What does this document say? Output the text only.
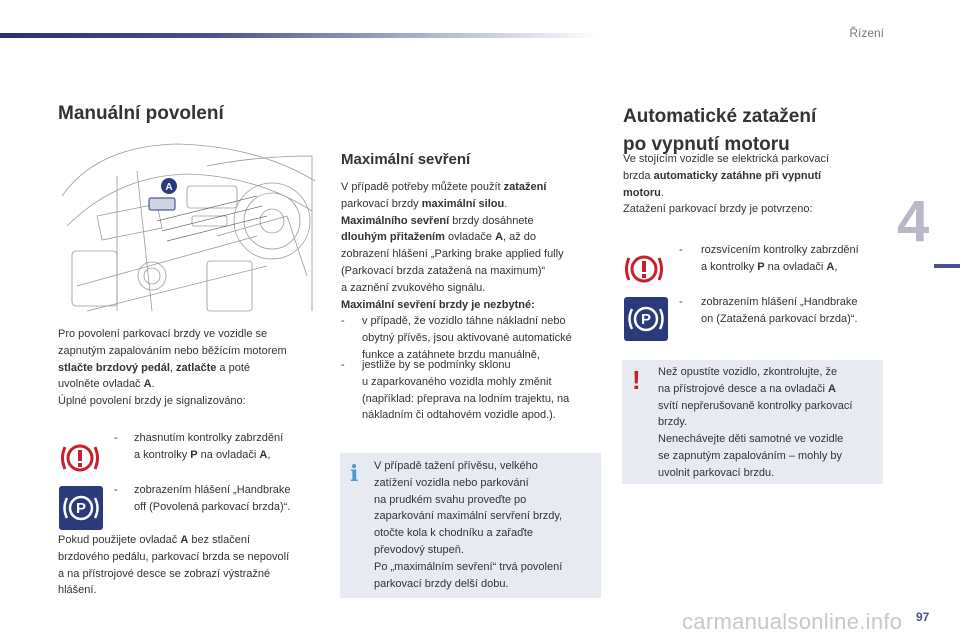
Řízení
4
Manuální povolení
A
Pro povolení parkovací brzdy ve vozidle se
zapnutým zapalováním nebo běžícím motorem
stlačte brzdový pedál, zatlačte a poté
uvolněte ovladač A.
Úplné povolení brzdy je signalizováno:
- zhasnutím kontrolky zabrzdění
a kontrolky P na ovladači A,
P
- zobrazením hlášení „Handbrake
off (Povolená parkovací brzda)“.
Pokud použijete ovladač A bez stlačení
brzdového pedálu, parkovací brzda se nepovolí
a na přístrojové desce se zobrazí výstražné
hlášení.
Maximální sevření
V případě potřeby můžete použít zatažení
parkovací brzdy maximální silou.
Maximálního sevření brzdy dosáhnete
dlouhým přitažením ovladače A, až do
zobrazení hlášení „Parking brake applied fully
(Parkovací brzda zatažená na maximum)“
a zaznění zvukového signálu.
Maximální sevření brzdy je nezbytné:
- v případě, že vozidlo táhne nákladní nebo
obytný přívěs, jsou aktivované automatické
funkce a zatáhnete brzdu manuálně,
- jestliže by se podmínky sklonu
u zaparkovaného vozidla mohly změnit
(například: přeprava na lodním trajektu, na
nákladním či odtahovém vozidle apod.).
i	V případě tažení přívěsu, velkého
zatížení vozidla nebo parkování
na prudkém svahu proveďte po
zaparkování maximální servření brzdy,
otočte kola k chodníku a zařaďte
převodový stupeň.
Po „maximálním sevření“ trvá povolení
parkovací brzdy delší dobu.
Automatické zatažení
po vypnutí motoru
Ve stojícím vozidle se elektrická parkovací
brzda automaticky zatáhne při vypnutí
motoru.
Zatažení parkovací brzdy je potvrzeno:
- rozsvícením kontrolky zabrzdění
a kontrolky P na ovladači A,
P
- zobrazením hlášení „Handbrake
on (Zatažená parkovací brzda)“.
! Než opustíte vozidlo, zkontrolujte, že
na přístrojové desce a na ovladači A
svítí nepřerušovaně kontrolky parkovací
brzdy.
Nenechávejte děti samotné ve vozidle
se zapnutým zapalováním – mohly by
uvolnit parkovací brzdu.
carmanualsonline.info 97
